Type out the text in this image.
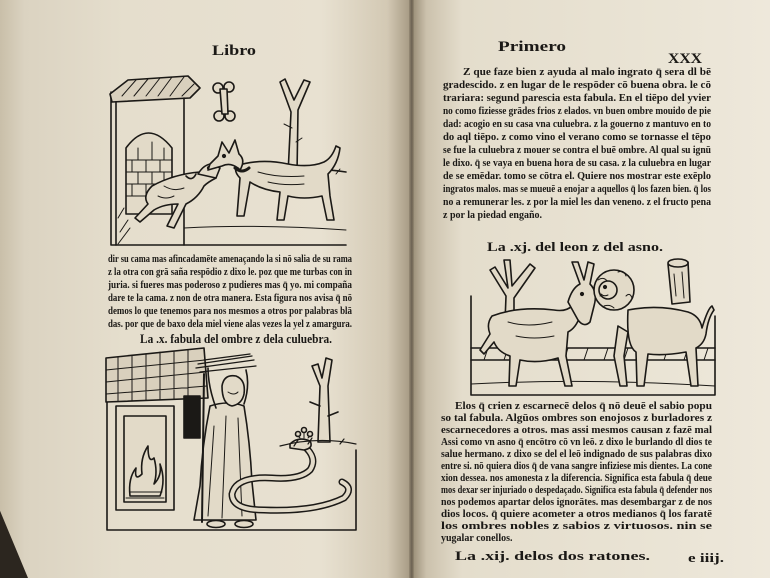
Libro
dir su cama mas afincadamēte amenaçando la si nō salia de su rama
z la otra con grā saña respōdio z dixo le. poz que me turbas con in
juria. si fueres mas poderoso z pudieres mas q̄ yo. mi compaña
dare te la cama. z non de otra manera. Esta figura nos avisa q̄ nō
demos lo que tenemos para nos mesmos a otros por palabras blā
das. por que de baxo dela miel viene alas vezes la yel z amargura.
La .x. fabula del ombre z dela culuebra.
Primero
XXX
Z que faze bien z ayuda al malo ingrato q̄ sera dl bē
gradescido. z en lugar de le respōder cō buena obra. le cō
trariara: segund parescia esta fabula. En el tiēpo del yvier
no como fiziesse grādes frios z elados. vn buen ombre mouido de pie
dad: acogio en su casa vna culuebra. z la gouerno z mantuvo en to
do aql tiēpo. z como vino el verano como se tornasse el tēpo
se fue la culuebra z mouer se contra el buē ombre. Al qual su ignū
le dixo. q̄ se vaya en buena hora de su casa. z la culuebra en lugar
de se emēdar. tomo se cōtra el. Quiere nos mostrar este exēplo
ingratos malos. mas se mueuē a enojar a aquellos q̄ los fazen bien. q̄ los
no a remunerar les. z por la miel les dan veneno. z el fructo pena
z por la piedad engaño.
La .xj. del leon z del asno.
Elos q̄ crien z escarnecē delos q̄ nō deuē el sabio popu
so tal fabula. Algūos ombres son enojosos z burladores z
escarnecedores a otros. mas assi mesmos causan z fazē mal
Assi como vn asno q̄ encōtro cō vn leō. z dixo le burlando dl dios te
salue hermano. z dixo se del el leō indignado de sus palabras dixo
entre si. nō quiera dios q̄ de vana sangre infiziese mis dientes. La cone
xion dessea. nos amonesta z la diferencia. Significa esta fabula q̄ deue
mos dexar ser injuriado o despedaçado. Significa esta fabula q̄ defender nos
nos podemos apartar delos ignorātes. mas desembargar z de nos
dios locos. q̄ quiere acometer a otros medianos q̄ los faratē
los ombres nobles z sabios z virtuosos. nin se
yugalar conellos.
La .xij. delos dos ratones.	e iiij.
